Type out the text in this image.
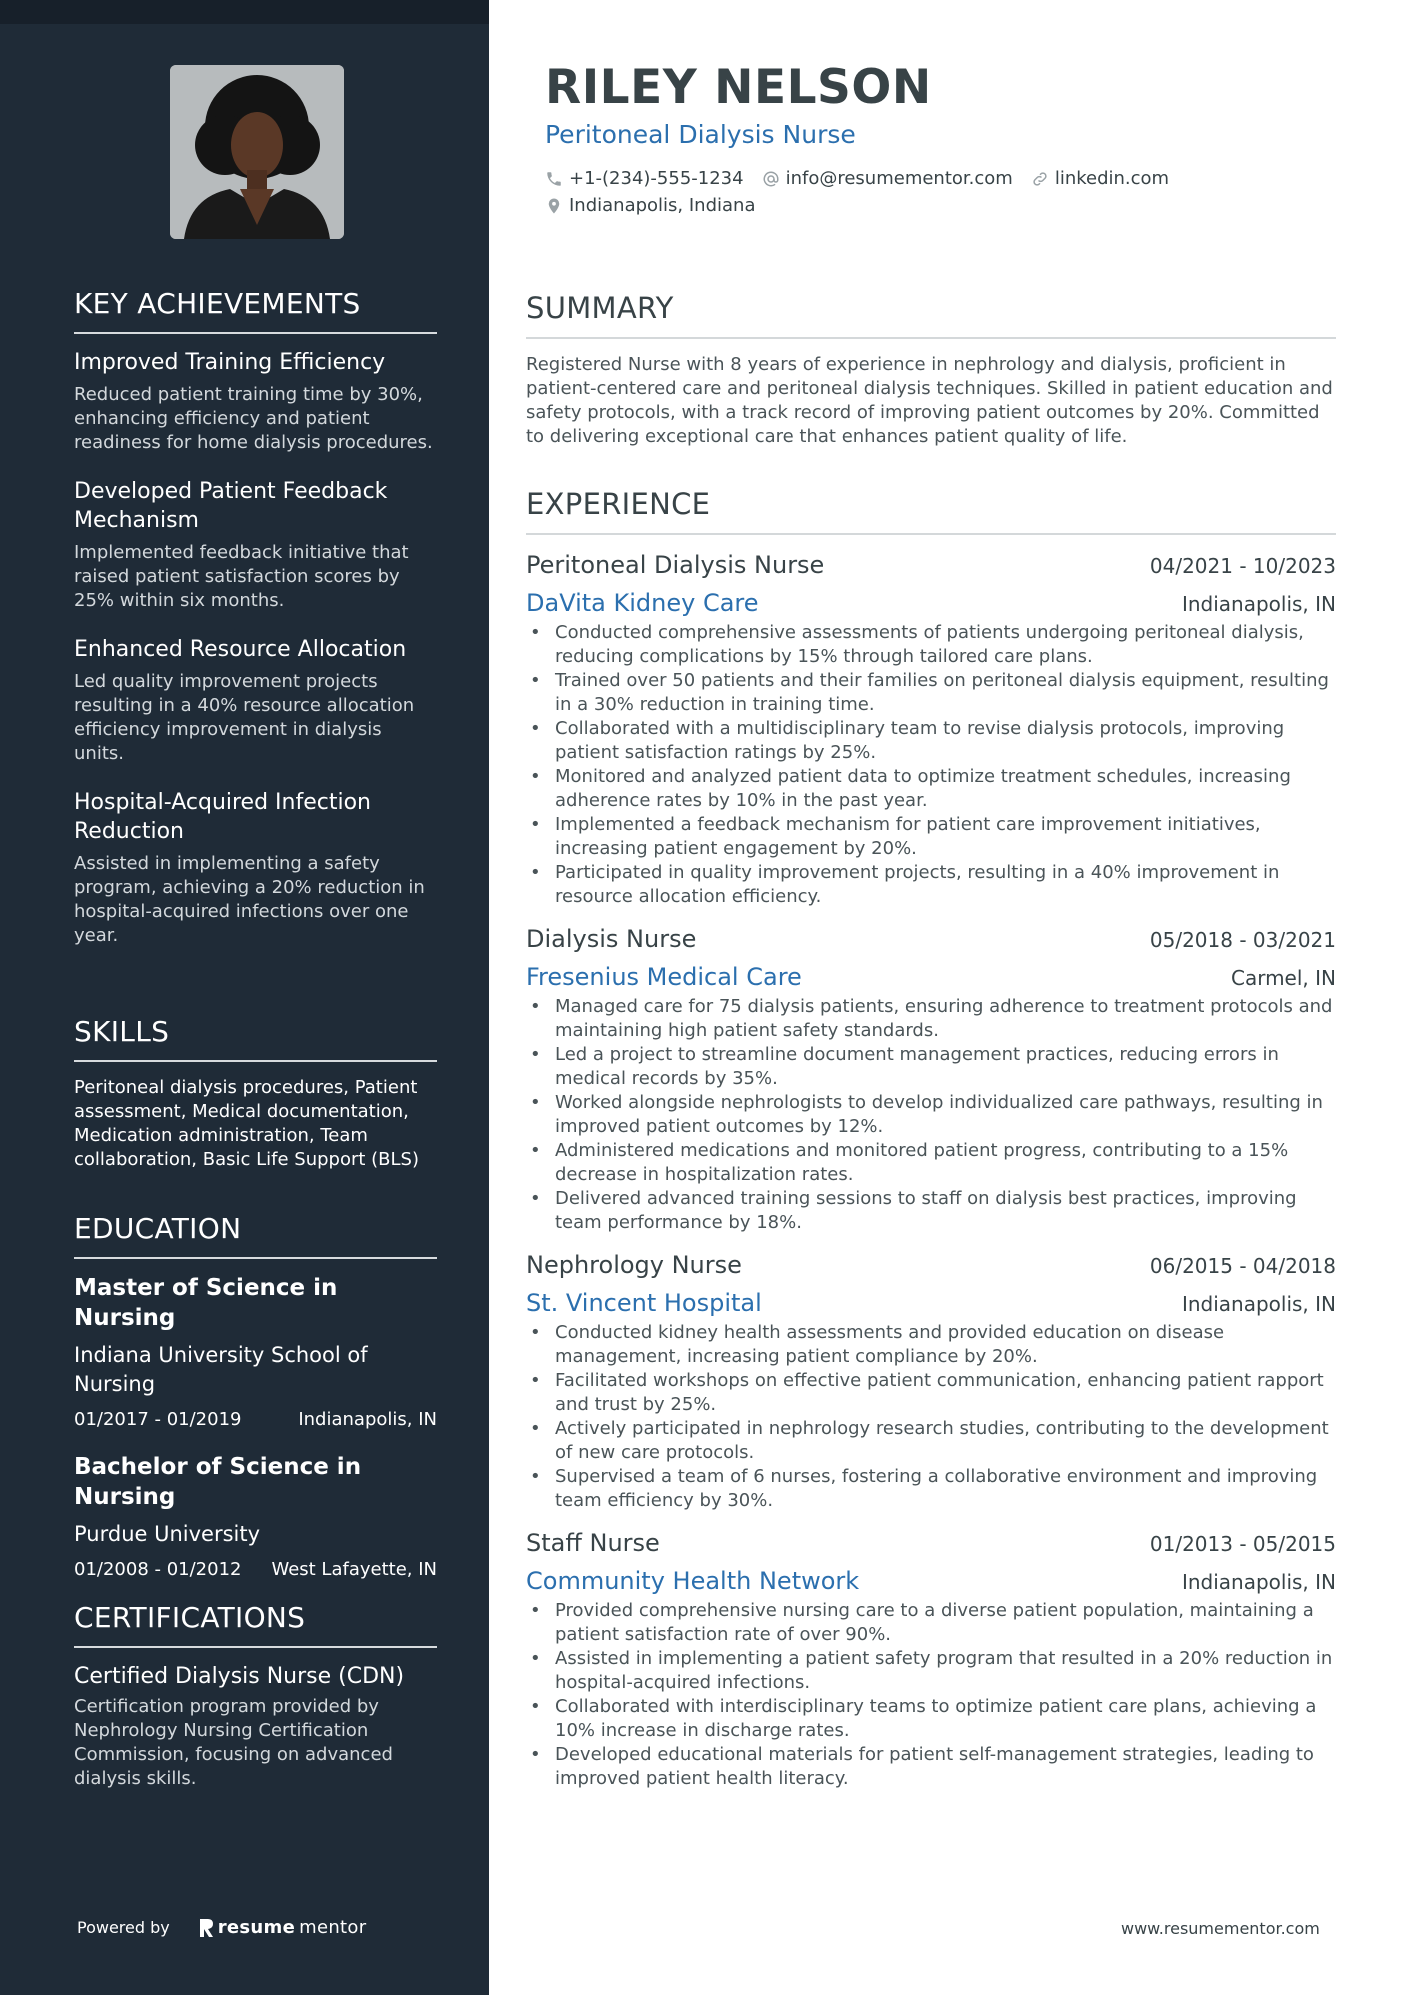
KEY ACHIEVEMENTS
Improved Training Efficiency
Reduced patient training time by 30%, enhancing efficiency and patient readiness for home dialysis procedures.
Developed Patient Feedback Mechanism
Implemented feedback initiative that raised patient satisfaction scores by 25% within six months.
Enhanced Resource Allocation
Led quality improvement projects resulting in a 40% resource allocation efficiency improvement in dialysis units.
Hospital-Acquired Infection Reduction
Assisted in implementing a safety program, achieving a 20% reduction in hospital-acquired infections over one year.
SKILLS
Peritoneal dialysis procedures, Patient assessment, Medical documentation, Medication administration, Team collaboration, Basic Life Support (BLS)
EDUCATION
Master of Science in Nursing
Indiana University School of Nursing
01/2017 - 01/2019	Indianapolis, IN
Bachelor of Science in Nursing
Purdue University
01/2008 - 01/2012 West Lafayette, IN
CERTIFICATIONS
Certified Dialysis Nurse (CDN)
Certification program provided by Nephrology Nursing Certification Commission, focusing on advanced dialysis skills.
Powered by	resume mentor
RILEY NELSON
Peritoneal Dialysis Nurse
+1-(234)-555-1234 info@resumementor.com linkedin.com
Indianapolis, Indiana
SUMMARY
Registered Nurse with 8 years of experience in nephrology and dialysis, proficient in patient-centered care and peritoneal dialysis techniques. Skilled in patient education and safety protocols, with a track record of improving patient outcomes by 20%. Committed to delivering exceptional care that enhances patient quality of life.
EXPERIENCE
Peritoneal Dialysis Nurse	04/2021 - 10/2023
DaVita Kidney Care	Indianapolis, IN
• Conducted comprehensive assessments of patients undergoing peritoneal dialysis, reducing complications by 15% through tailored care plans.
• Trained over 50 patients and their families on peritoneal dialysis equipment, resulting in a 30% reduction in training time.
• Collaborated with a multidisciplinary team to revise dialysis protocols, improving patient satisfaction ratings by 25%.
• Monitored and analyzed patient data to optimize treatment schedules, increasing adherence rates by 10% in the past year.
• Implemented a feedback mechanism for patient care improvement initiatives, increasing patient engagement by 20%.
• Participated in quality improvement projects, resulting in a 40% improvement in resource allocation efficiency.
Dialysis Nurse	05/2018 - 03/2021
Fresenius Medical Care	Carmel, IN
• Managed care for 75 dialysis patients, ensuring adherence to treatment protocols and maintaining high patient safety standards.
• Led a project to streamline document management practices, reducing errors in medical records by 35%.
• Worked alongside nephrologists to develop individualized care pathways, resulting in improved patient outcomes by 12%.
• Administered medications and monitored patient progress, contributing to a 15% decrease in hospitalization rates.
• Delivered advanced training sessions to staff on dialysis best practices, improving team performance by 18%.
Nephrology Nurse	06/2015 - 04/2018
St. Vincent Hospital	Indianapolis, IN
• Conducted kidney health assessments and provided education on disease management, increasing patient compliance by 20%.
• Facilitated workshops on effective patient communication, enhancing patient rapport and trust by 25%.
• Actively participated in nephrology research studies, contributing to the development of new care protocols.
• Supervised a team of 6 nurses, fostering a collaborative environment and improving team efficiency by 30%.
Staff Nurse	01/2013 - 05/2015
Community Health Network	Indianapolis, IN
• Provided comprehensive nursing care to a diverse patient population, maintaining a patient satisfaction rate of over 90%.
• Assisted in implementing a patient safety program that resulted in a 20% reduction in hospital-acquired infections.
• Collaborated with interdisciplinary teams to optimize patient care plans, achieving a 10% increase in discharge rates.
• Developed educational materials for patient self-management strategies, leading to improved patient health literacy.
www.resumementor.com
